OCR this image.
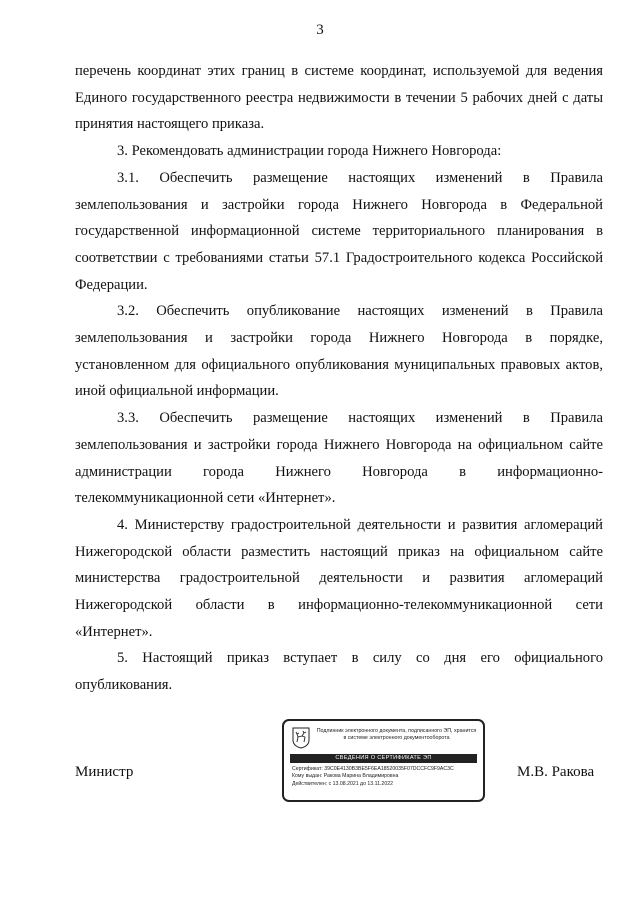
3

перечень координат этих границ в системе координат, используемой для ведения Единого государственного реестра недвижимости в течении 5 рабочих дней с даты принятия настоящего приказа.

3. Рекомендовать администрации города Нижнего Новгорода:

3.1. Обеспечить размещение настоящих изменений в Правила землепользования и застройки города Нижнего Новгорода в Федеральной государственной информационной системе территориального планирования в соответствии с требованиями статьи 57.1 Градостроительного кодекса Российской Федерации.

3.2. Обеспечить опубликование настоящих изменений в Правила землепользования и застройки города Нижнего Новгорода в порядке, установленном для официального опубликования муниципальных правовых актов, иной официальной информации.

3.3. Обеспечить размещение настоящих изменений в Правила землепользования и застройки города Нижнего Новгорода на официальном сайте администрации города Нижнего Новгорода в информационно-телекоммуникационной сети «Интернет».

4. Министерству градостроительной деятельности и развития агломераций Нижегородской области разместить настоящий приказ на официальном сайте министерства градостроительной деятельности и развития агломераций Нижегородской области в информационно-телекоммуникационной сети «Интернет».

5. Настоящий приказ вступает в силу со дня его официального опубликования.

Министр
Подлинник электронного документа, подписанного ЭП, хранится в системе электронного документооборота
СВЕДЕНИЯ О СЕРТИФИКАТЕ ЭП
Сертификат: 39C0E4130B3BE5F6EA18520035F07DCCFC9F9AC3C
Кому выдан: Ракова Марина Владимировна
Действителен: с 13.08.2021 до 13.11.2022
М.В. Ракова
